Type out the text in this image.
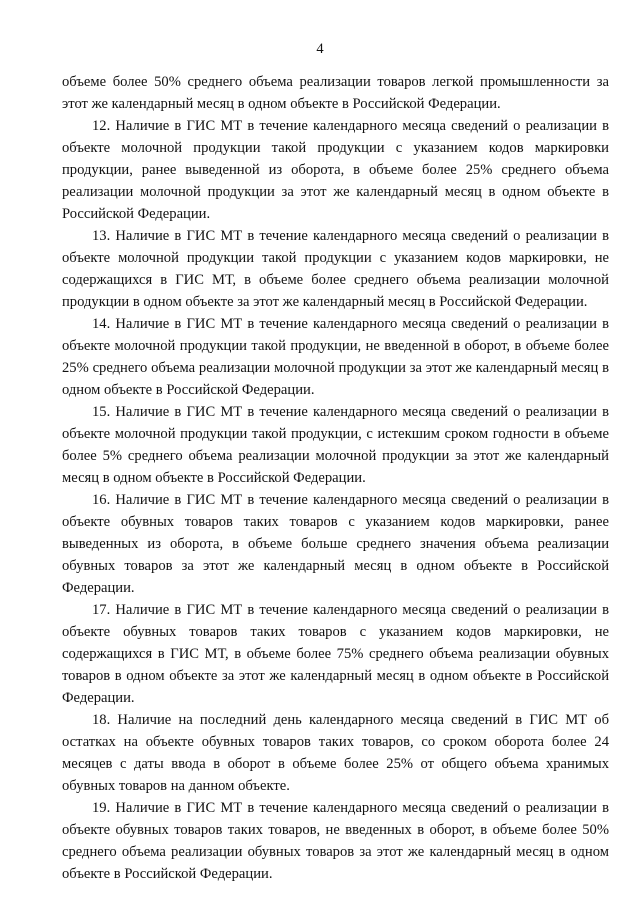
4

объеме более 50% среднего объема реализации товаров легкой промышленности за этот же календарный месяц в одном объекте в Российской Федерации.

12. Наличие в ГИС МТ в течение календарного месяца сведений о реализации в объекте молочной продукции такой продукции с указанием кодов маркировки продукции, ранее выведенной из оборота, в объеме более 25% среднего объема реализации молочной продукции за этот же календарный месяц в одном объекте в Российской Федерации.

13. Наличие в ГИС МТ в течение календарного месяца сведений о реализации в объекте молочной продукции такой продукции с указанием кодов маркировки, не содержащихся в ГИС МТ, в объеме более среднего объема реализации молочной продукции в одном объекте за этот же календарный месяц в Российской Федерации.

14. Наличие в ГИС МТ в течение календарного месяца сведений о реализации в объекте молочной продукции такой продукции, не введенной в оборот, в объеме более 25% среднего объема реализации молочной продукции за этот же календарный месяц в одном объекте в Российской Федерации.

15. Наличие в ГИС МТ в течение календарного месяца сведений о реализации в объекте молочной продукции такой продукции, с истекшим сроком годности в объеме более 5% среднего объема реализации молочной продукции за этот же календарный месяц в одном объекте в Российской Федерации.

16. Наличие в ГИС МТ в течение календарного месяца сведений о реализации в объекте обувных товаров таких товаров с указанием кодов маркировки, ранее выведенных из оборота, в объеме больше среднего значения объема реализации обувных товаров за этот же календарный месяц в одном объекте в Российской Федерации.

17. Наличие в ГИС МТ в течение календарного месяца сведений о реализации в объекте обувных товаров таких товаров с указанием кодов маркировки, не содержащихся в ГИС МТ, в объеме более 75% среднего объема реализации обувных товаров в одном объекте за этот же календарный месяц в одном объекте в Российской Федерации.

18. Наличие на последний день календарного месяца сведений в ГИС МТ об остатках на объекте обувных товаров таких товаров, со сроком оборота более 24 месяцев с даты ввода в оборот в объеме более 25% от общего объема хранимых обувных товаров на данном объекте.

19. Наличие в ГИС МТ в течение календарного месяца сведений о реализации в объекте обувных товаров таких товаров, не введенных в оборот, в объеме более 50% среднего объема реализации обувных товаров за этот же календарный месяц в одном объекте в Российской Федерации.
